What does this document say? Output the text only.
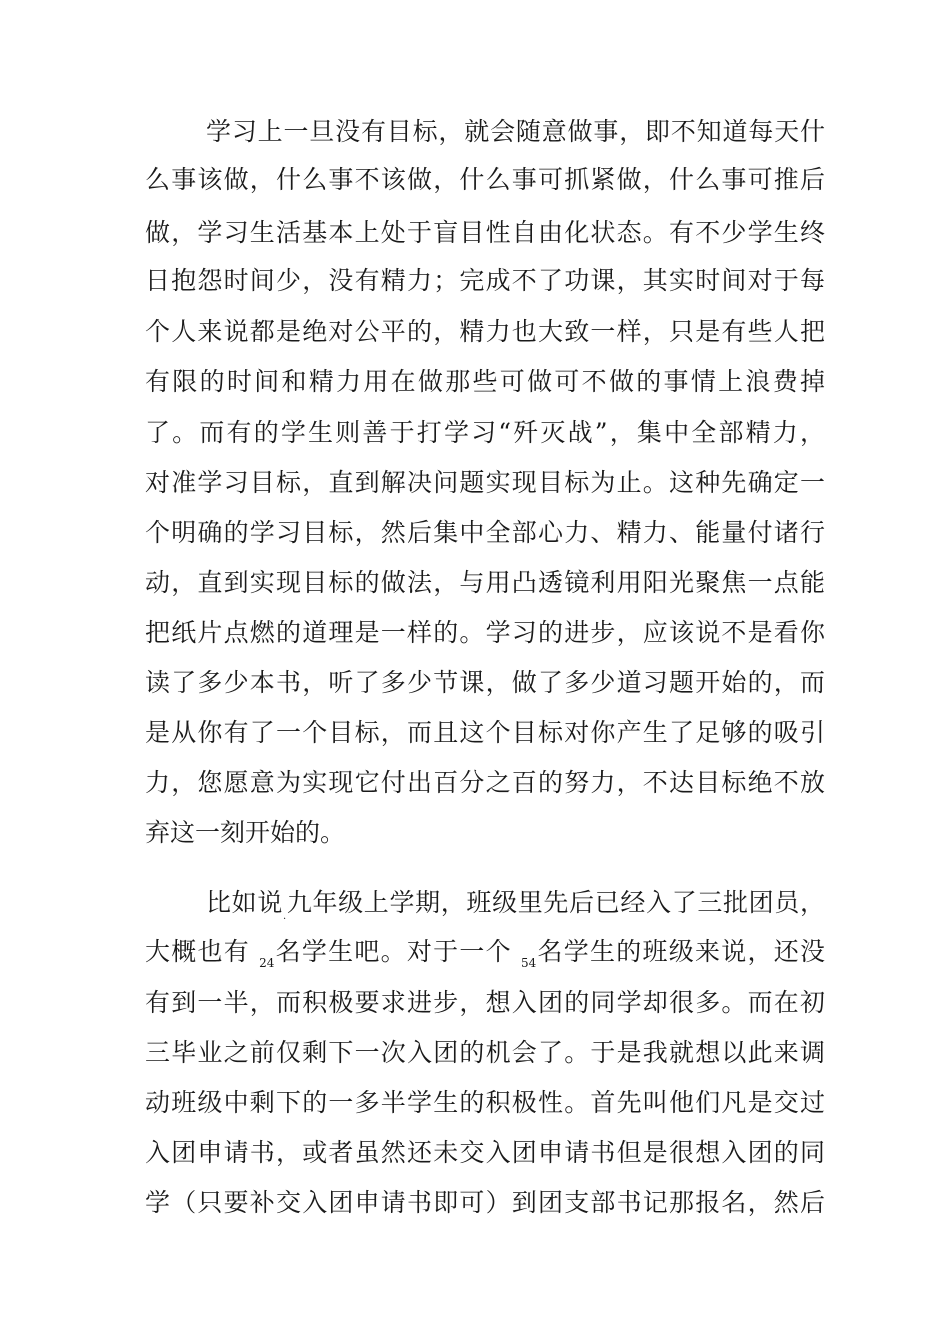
学习上一旦没有目标，就会随意做事，即不知道每天什
么事该做，什么事不该做，什么事可抓紧做，什么事可推后
做，学习生活基本上处于盲目性自由化状态。有不少学生终
日抱怨时间少，没有精力；完成不了功课，其实时间对于每
个人来说都是绝对公平的，精力也大致一样，只是有些人把
有限的时间和精力用在做那些可做可不做的事情上浪费掉
了。而有的学生则善于打学习“歼灭战”，集中全部精力，
对准学习目标，直到解决问题实现目标为止。这种先确定一
个明确的学习目标，然后集中全部心力、精力、能量付诸行
动，直到实现目标的做法，与用凸透镜利用阳光聚焦一点能
把纸片点燃的道理是一样的。学习的进步，应该说不是看你
读了多少本书，听了多少节课，做了多少道习题开始的，而
是从你有了一个目标，而且这个目标对你产生了足够的吸引
力，您愿意为实现它付出百分之百的努力，不达目标绝不放
弃这一刻开始的。
比如说$_.$九年级上学期，班级里先后已经入了三批团员，
大概也有 $_{24}$名学生吧。对于一个 $_{54}$名学生的班级来说，还没
有到一半，而积极要求进步，想入团的同学却很多。而在初
三毕业之前仅剩下一次入团的机会了。于是我就想以此来调
动班级中剩下的一多半学生的积极性。首先叫他们凡是交过
入团申请书，或者虽然还未交入团申请书但是很想入团的同
学（只要补交入团申请书即可）到团支部书记那报名，然后
